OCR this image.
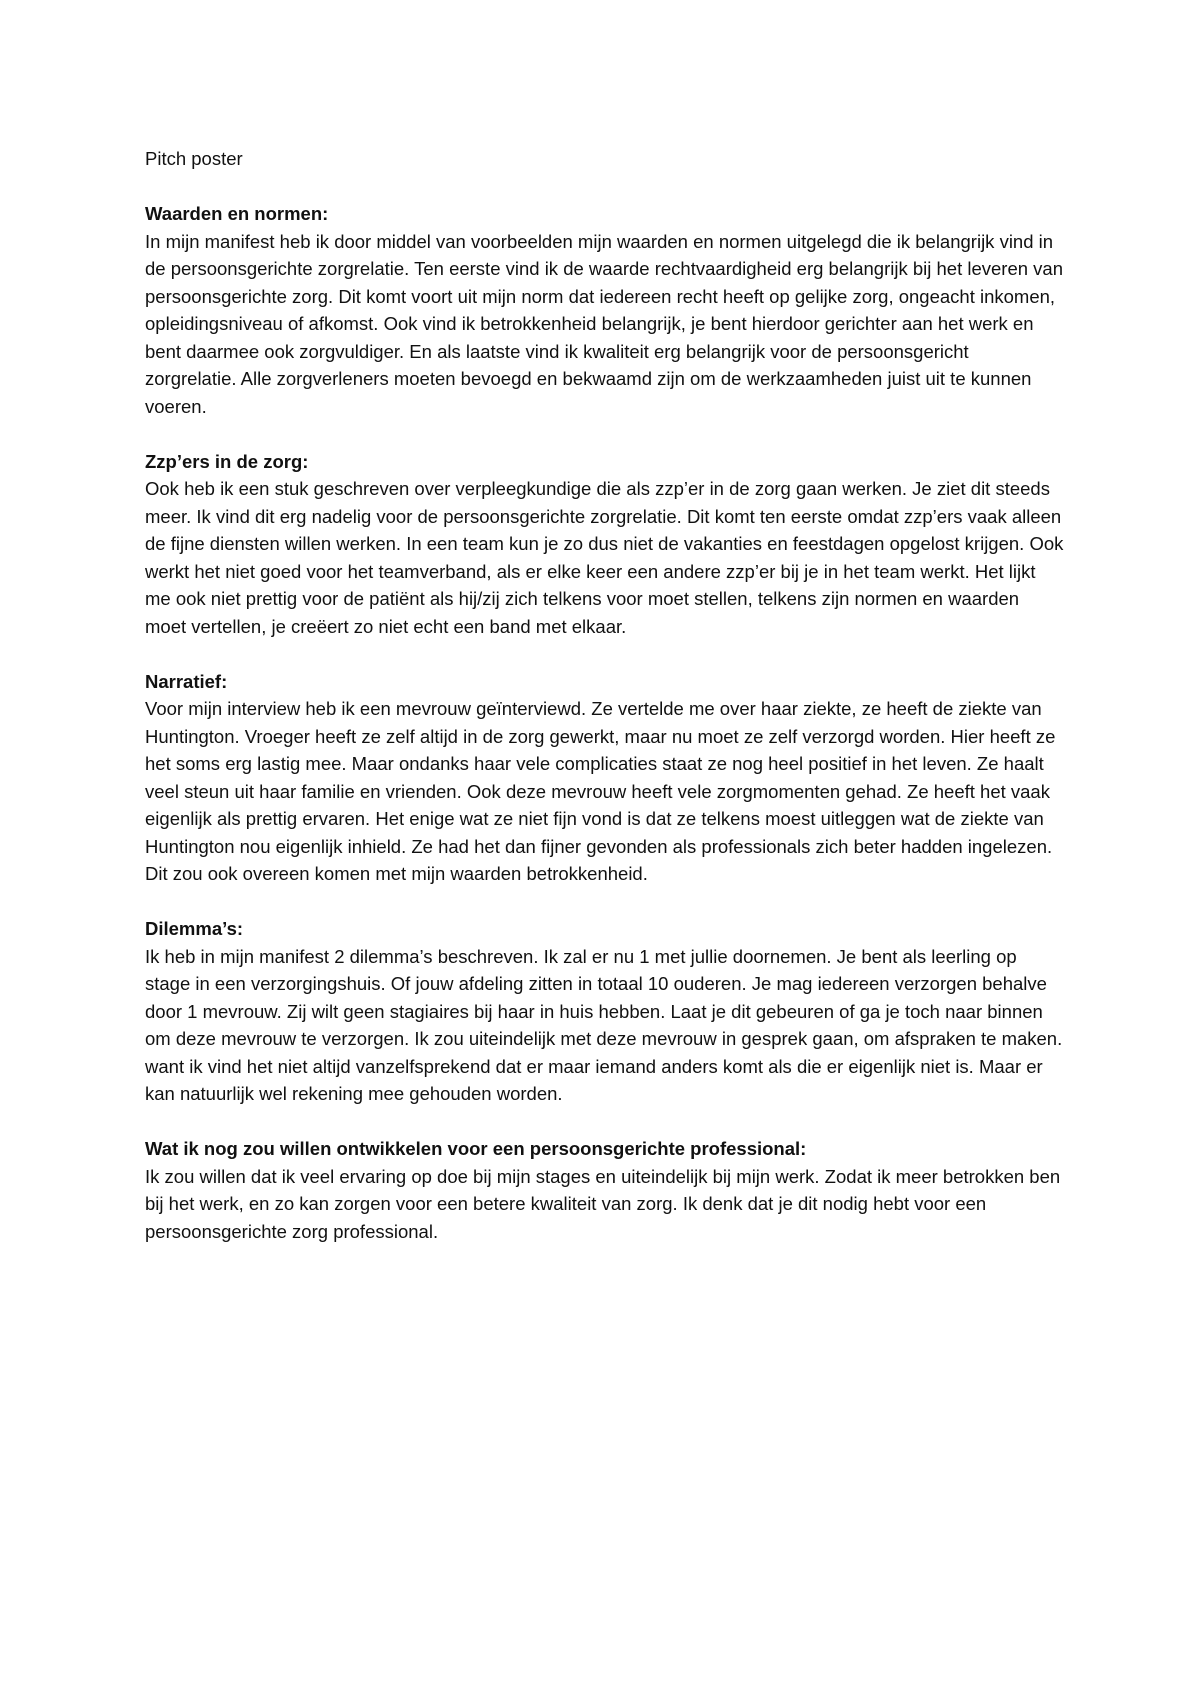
Pitch poster

Waarden en normen:

In mijn manifest heb ik door middel van voorbeelden mijn waarden en normen uitgelegd die ik belangrijk vind in de persoonsgerichte zorgrelatie. Ten eerste vind ik de waarde rechtvaardigheid erg belangrijk bij het leveren van persoonsgerichte zorg. Dit komt voort uit mijn norm dat iedereen recht heeft op gelijke zorg, ongeacht inkomen, opleidingsniveau of afkomst. Ook vind ik betrokkenheid belangrijk, je bent hierdoor gerichter aan het werk en bent daarmee ook zorgvuldiger. En als laatste vind ik kwaliteit erg belangrijk voor de persoonsgericht zorgrelatie. Alle zorgverleners moeten bevoegd en bekwaamd zijn om de werkzaamheden juist uit te kunnen voeren.

Zzp’ers in de zorg:

Ook heb ik een stuk geschreven over verpleegkundige die als zzp’er in de zorg gaan werken. Je ziet dit steeds meer. Ik vind dit erg nadelig voor de persoonsgerichte zorgrelatie. Dit komt ten eerste omdat zzp’ers vaak alleen de fijne diensten willen werken. In een team kun je zo dus niet de vakanties en feestdagen opgelost krijgen. Ook werkt het niet goed voor het teamverband, als er elke keer een andere zzp’er bij je in het team werkt. Het lijkt me ook niet prettig voor de patiënt als hij/zij zich telkens voor moet stellen, telkens zijn normen en waarden moet vertellen, je creëert zo niet echt een band met elkaar.

Narratief:

Voor mijn interview heb ik een mevrouw geïnterviewd. Ze vertelde me over haar ziekte, ze heeft de ziekte van Huntington. Vroeger heeft ze zelf altijd in de zorg gewerkt, maar nu moet ze zelf verzorgd worden. Hier heeft ze het soms erg lastig mee. Maar ondanks haar vele complicaties staat ze nog heel positief in het leven. Ze haalt veel steun uit haar familie en vrienden. Ook deze mevrouw heeft vele zorgmomenten gehad. Ze heeft het vaak eigenlijk als prettig ervaren. Het enige wat ze niet fijn vond is dat ze telkens moest uitleggen wat de ziekte van Huntington nou eigenlijk inhield. Ze had het dan fijner gevonden als professionals zich beter hadden ingelezen. Dit zou ook overeen komen met mijn waarden betrokkenheid.

Dilemma’s:

Ik heb in mijn manifest 2 dilemma’s beschreven. Ik zal er nu 1 met jullie doornemen. Je bent als leerling op stage in een verzorgingshuis. Of jouw afdeling zitten in totaal 10 ouderen. Je mag iedereen verzorgen behalve door 1 mevrouw. Zij wilt geen stagiaires bij haar in huis hebben. Laat je dit gebeuren of ga je toch naar binnen om deze mevrouw te verzorgen. Ik zou uiteindelijk met deze mevrouw in gesprek gaan, om afspraken te maken. want ik vind het niet altijd vanzelfsprekend dat er maar iemand anders komt als die er eigenlijk niet is. Maar er kan natuurlijk wel rekening mee gehouden worden.

Wat ik nog zou willen ontwikkelen voor een persoonsgerichte professional:

Ik zou willen dat ik veel ervaring op doe bij mijn stages en uiteindelijk bij mijn werk. Zodat ik meer betrokken ben bij het werk, en zo kan zorgen voor een betere kwaliteit van zorg. Ik denk dat je dit nodig hebt voor een persoonsgerichte zorg professional.
